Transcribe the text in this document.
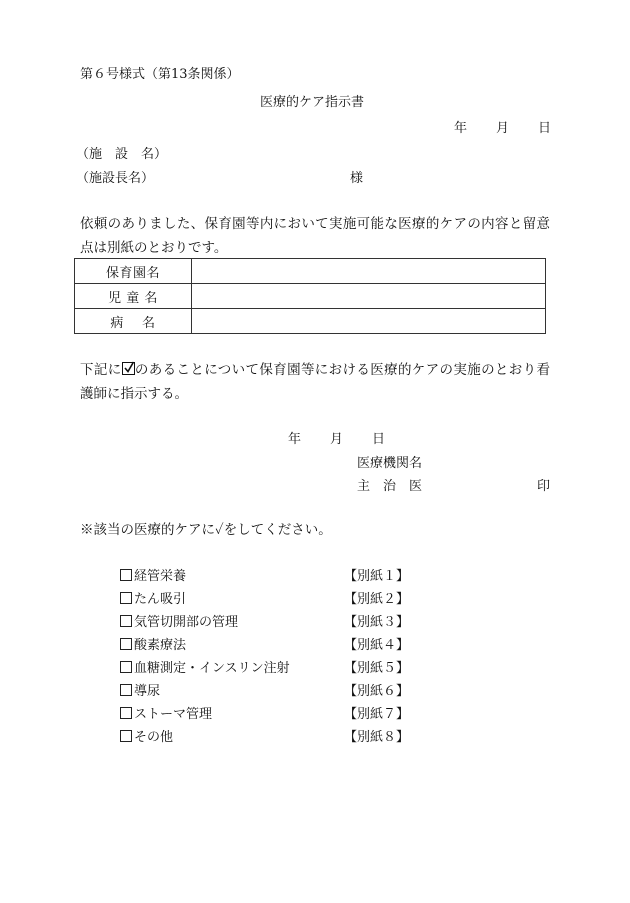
第６号様式（第13条関係）
医療的ケア指示書
年 月 日
（施　設　名）
（施設長名）	様
依頼のありました、保育園等内において実施可能な医療的ケアの内容と留意点は別紙のとおりです。
保育園名	
児 童 名	
病　 名	
下記に のあることについて保育園等における医療的ケアの実施のとおり看護師に指示する。
年 月 日
医療機関名
主　治　医	印
※該当の医療的ケアに✓をしてください。
経管栄養	【別紙１】
たん吸引	【別紙２】
気管切開部の管理	【別紙３】
酸素療法	【別紙４】
血糖測定・インスリン注射	【別紙５】
導尿	【別紙６】
ストーマ管理	【別紙７】
その他	【別紙８】
